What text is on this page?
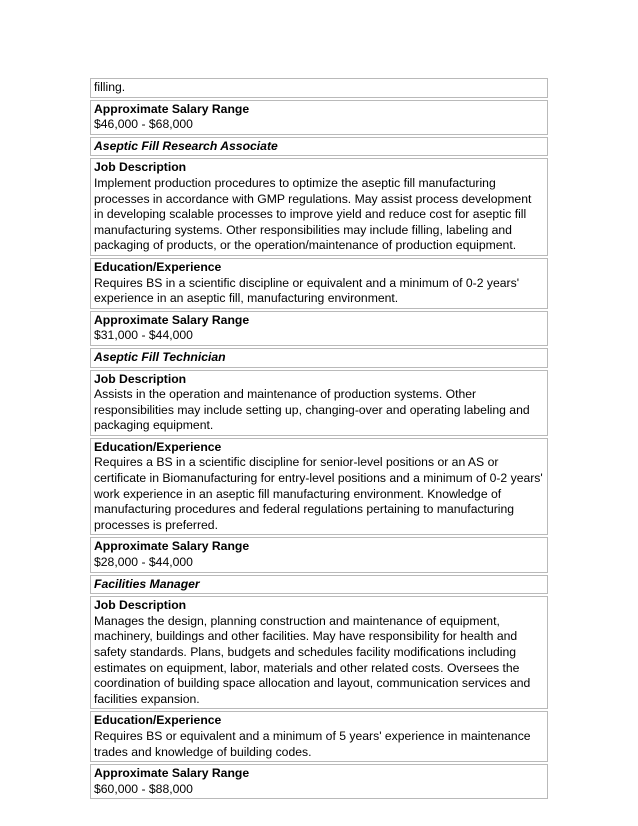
filling.

Approximate Salary Range
$46,000 - $68,000

Aseptic Fill Research Associate

Job Description
Implement production procedures to optimize the aseptic fill manufacturing processes in accordance with GMP regulations. May assist process development in developing scalable processes to improve yield and reduce cost for aseptic fill manufacturing systems. Other responsibilities may include filling, labeling and packaging of products, or the operation/maintenance of production equipment.

Education/Experience
Requires BS in a scientific discipline or equivalent and a minimum of 0-2 years' experience in an aseptic fill, manufacturing environment.

Approximate Salary Range
$31,000 - $44,000

Aseptic Fill Technician

Job Description
Assists in the operation and maintenance of production systems. Other responsibilities may include setting up, changing-over and operating labeling and packaging equipment.

Education/Experience
Requires a BS in a scientific discipline for senior-level positions or an AS or certificate in Biomanufacturing for entry-level positions and a minimum of 0-2 years' work experience in an aseptic fill manufacturing environment. Knowledge of manufacturing procedures and federal regulations pertaining to manufacturing processes is preferred.

Approximate Salary Range
$28,000 - $44,000

Facilities Manager

Job Description
Manages the design, planning construction and maintenance of equipment, machinery, buildings and other facilities. May have responsibility for health and safety standards. Plans, budgets and schedules facility modifications including estimates on equipment, labor, materials and other related costs. Oversees the coordination of building space allocation and layout, communication services and facilities expansion.

Education/Experience
Requires BS or equivalent and a minimum of 5 years' experience in maintenance trades and knowledge of building codes.

Approximate Salary Range
$60,000 - $88,000
